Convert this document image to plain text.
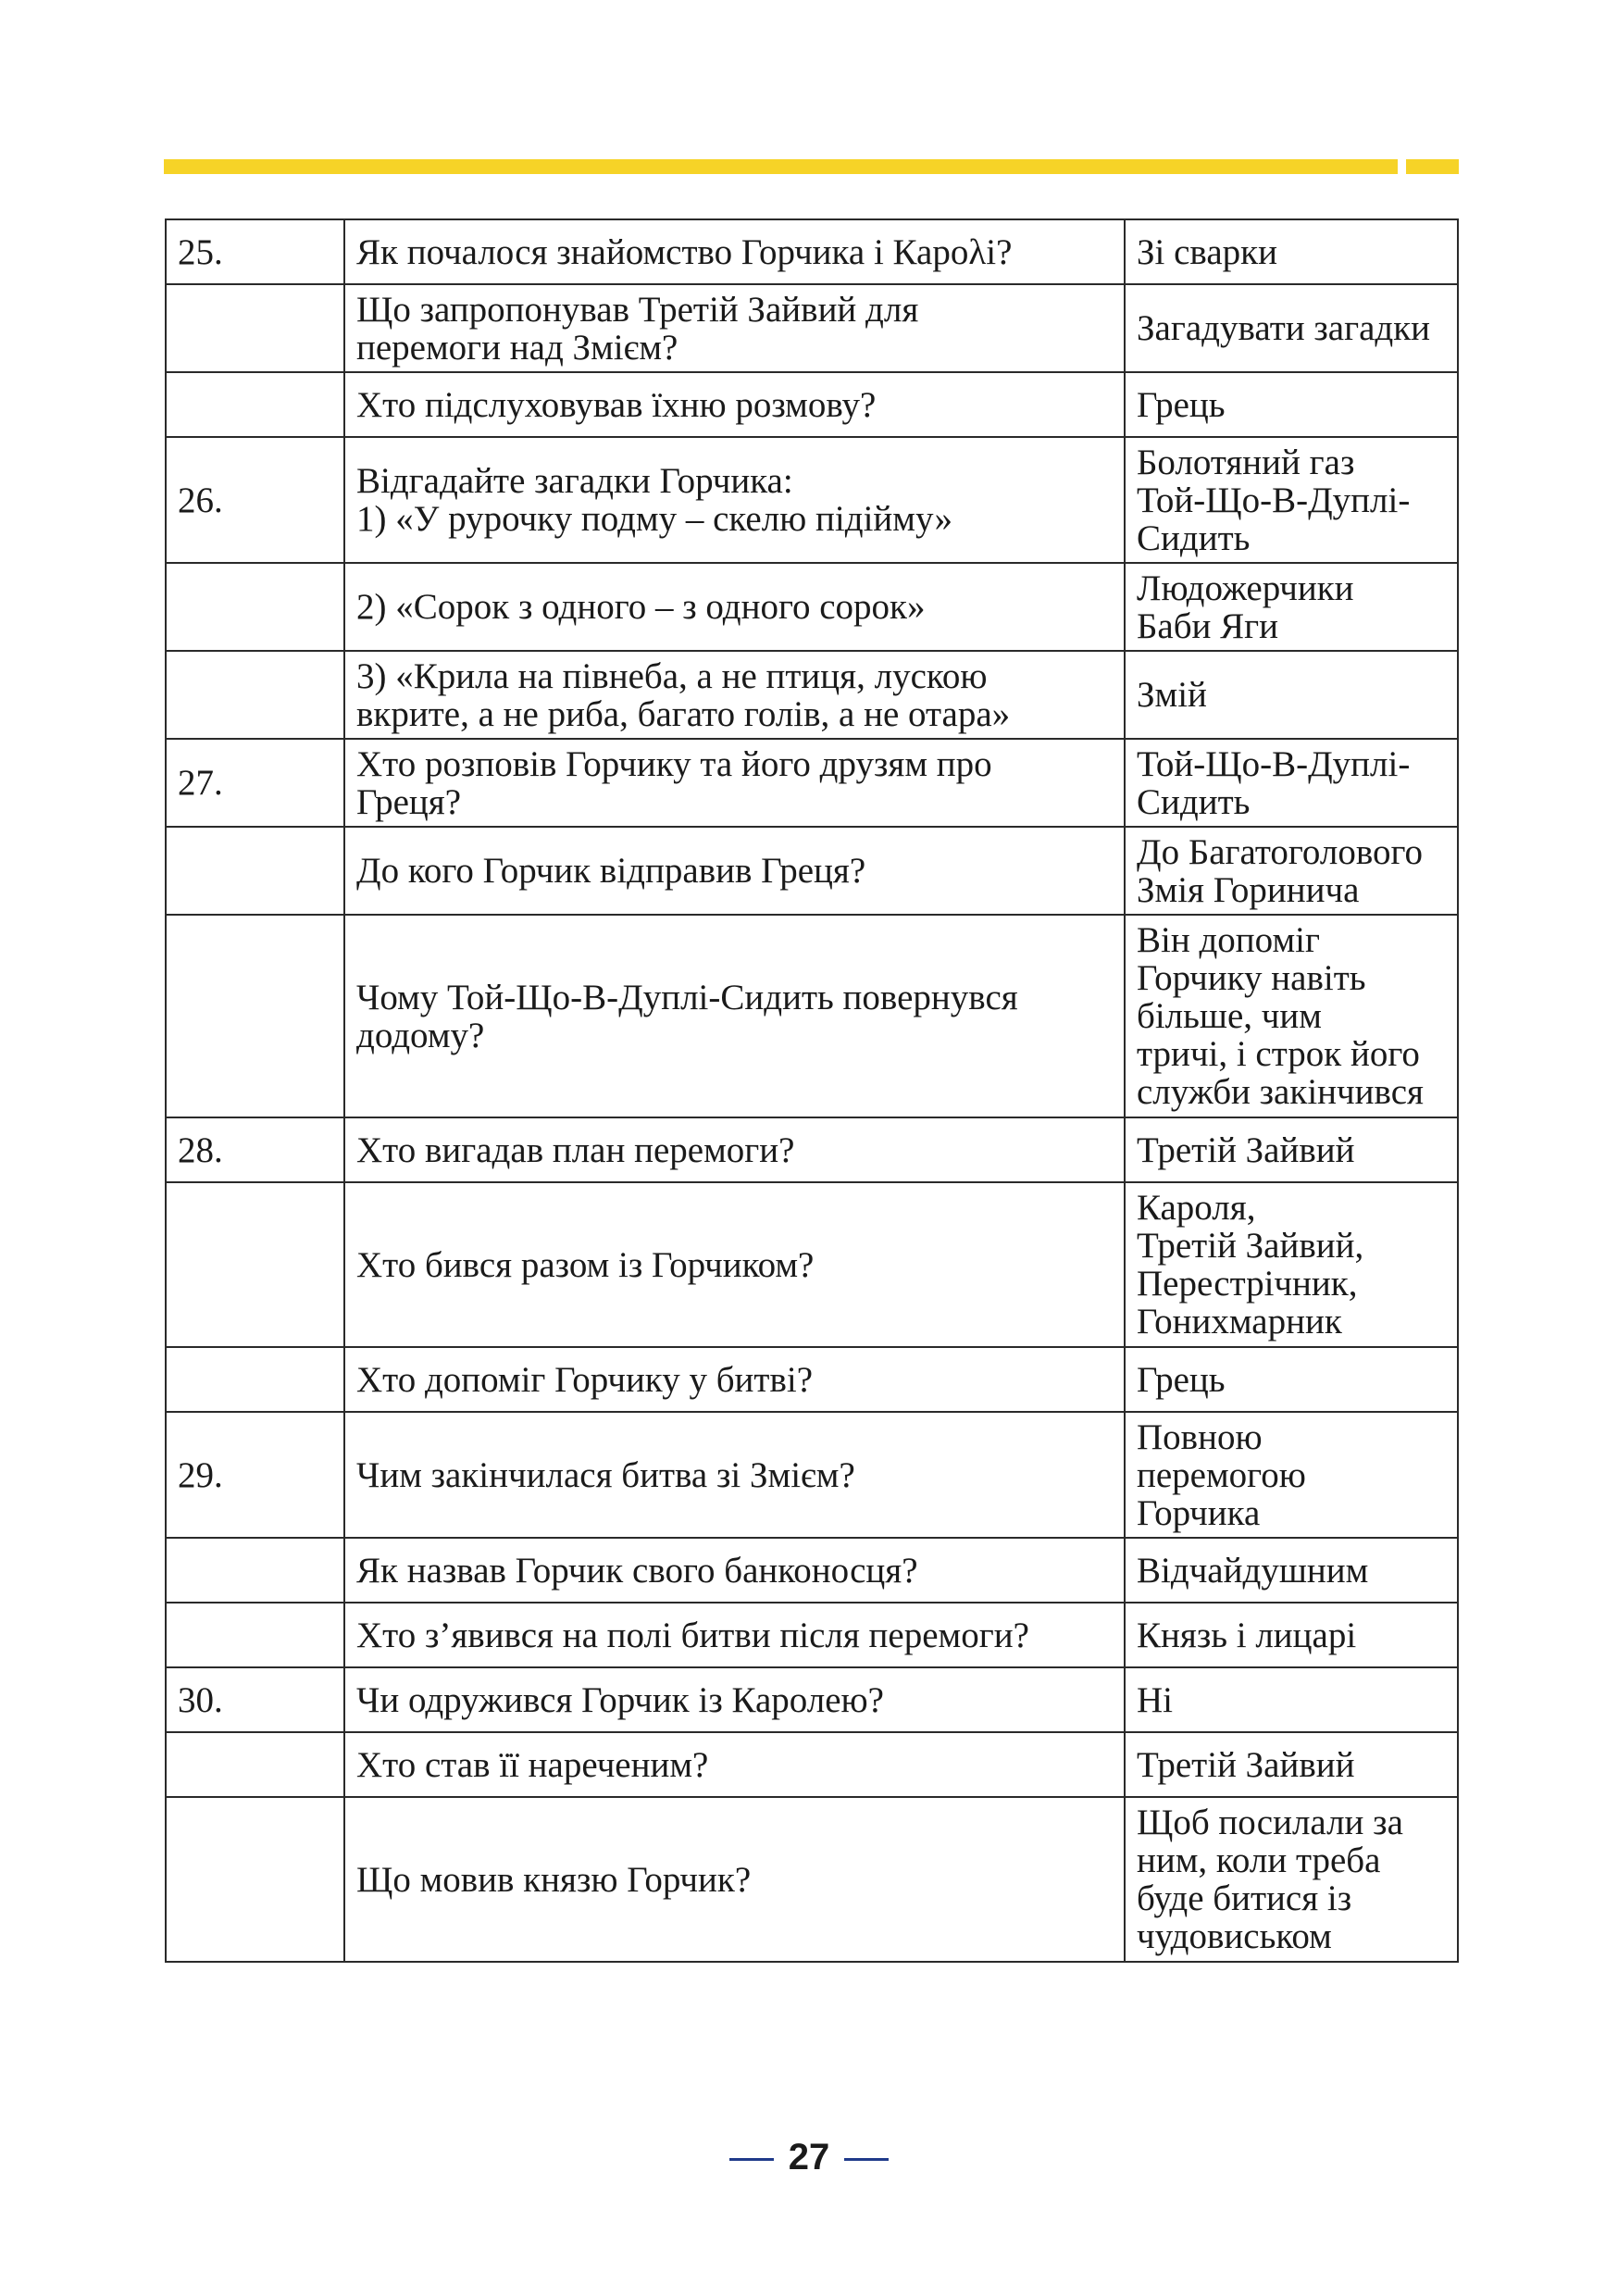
25.	Як почалося знайомство Горчика і Карολі?	Зі сварки

	Що запропонував Третій Зайвий для
перемоги над Змієм?	Загадувати загадки

	Хто підслуховував їхню розмову?	Грець

26.	Відгадайте загадки Горчика:
1) «У рурочку подму – скелю підійму»	Болотяний газ
Той-Що-В-Дуплі-
Сидить

	2) «Сорок з одного – з одного сорок»	Людожерчики
Баби Яги

	3) «Крила на півнеба, а не птиця, лускою
вкрите, а не риба, багато голів, а не отара»	Змій

27.	Хто розповів Горчику та його друзям про
Греця?	Той-Що-В-Дуплі-
Сидить

	До кого Горчик відправив Греця?	До Багатоголового
Змія Горинича

	Чому Той-Що-В-Дуплі-Сидить повернувся
додому?	Він допоміг
Горчику навіть
більше, чим
тричі, і строк його
служби закінчився

28.	Хто вигадав план перемоги?	Третій Зайвий

	Хто бився разом із Горчиком?	Кароля,
Третій Зайвий,
Перестрічник,
Гонихмарник

	Хто допоміг Горчику у битві?	Грець

29.	Чим закінчилася битва зі Змієм?	Повною
перемогою
Горчика

	Як назвав Горчик свого банконосця?	Відчайдушним

	Хто з’явився на полі битви після перемоги?	Князь і лицарі

30.	Чи одружився Горчик із Каролею?	Ні

	Хто став її нареченим?	Третій Зайвий

	Що мовив князю Горчик?	Щоб посилали за
ним, коли треба
буде битися із
чудовиськом
27
